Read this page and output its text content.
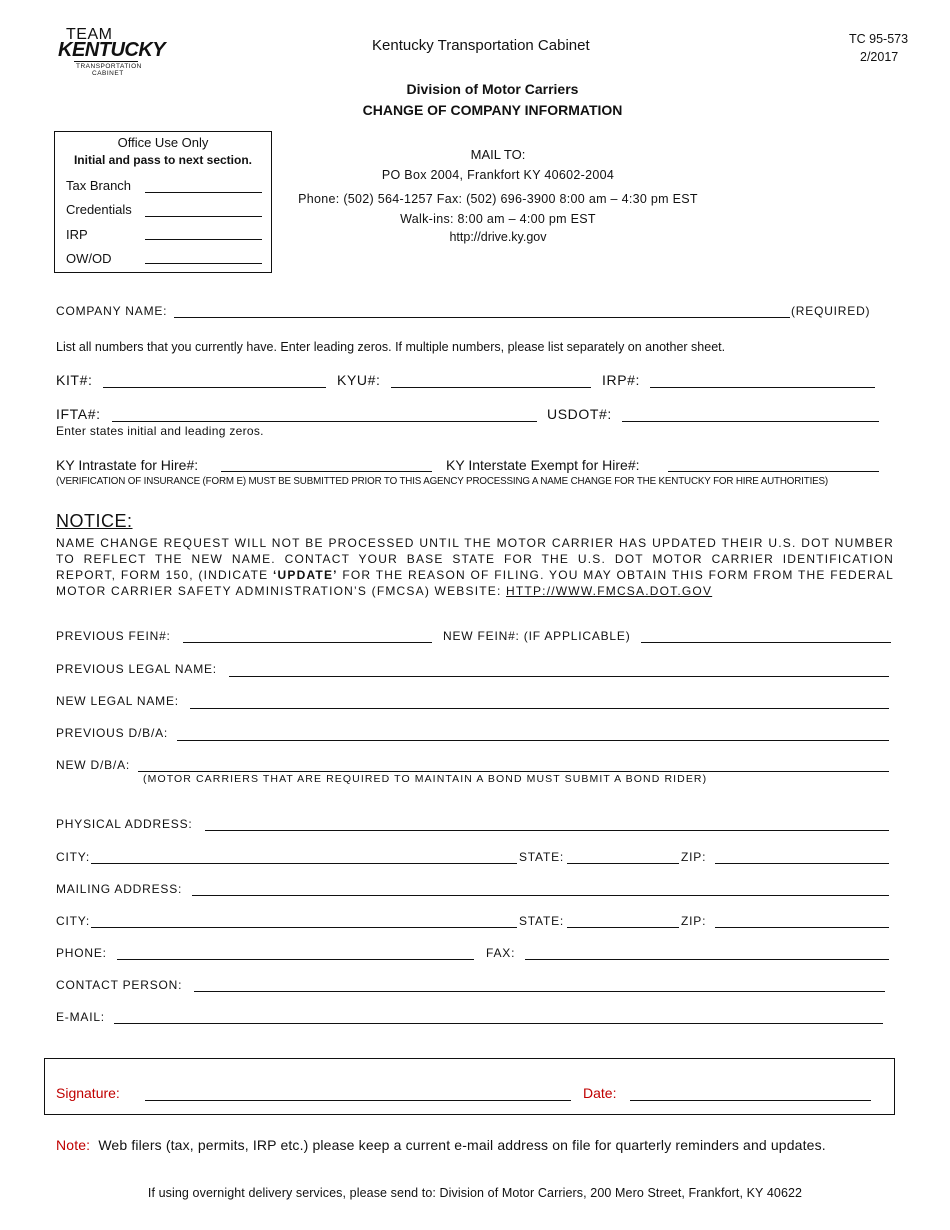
TEAM
KENTUCKY
TRANSPORTATION
CABINET
Kentucky Transportation Cabinet	TC 95-573
2/2017
Division of Motor Carriers
CHANGE OF COMPANY INFORMATION
Office Use Only
Initial and pass to next section.
Tax Branch
Credentials
IRP
OW/OD
MAIL TO:
PO Box 2004, Frankfort KY 40602-2004
Phone: (502) 564-1257 Fax: (502) 696-3900 8:00 am – 4:30 pm EST
Walk-ins: 8:00 am – 4:00 pm EST
http://drive.ky.gov
COMPANY NAME:	(REQUIRED)
List all numbers that you currently have. Enter leading zeros. If multiple numbers, please list separately on another sheet.
KIT#:	KYU#:	IRP#:
IFTA#:	USDOT#:
Enter states initial and leading zeros.
KY Intrastate for Hire#:	KY Interstate Exempt for Hire#:
(VERIFICATION OF INSURANCE (FORM E) MUST BE SUBMITTED PRIOR TO THIS AGENCY PROCESSING A NAME CHANGE FOR THE KENTUCKY FOR HIRE AUTHORITIES)
NOTICE:
NAME CHANGE REQUEST WILL NOT BE PROCESSED UNTIL THE MOTOR CARRIER HAS UPDATED THEIR U.S. DOT NUMBER TO REFLECT THE NEW NAME. CONTACT YOUR BASE STATE FOR THE U.S. DOT MOTOR CARRIER IDENTIFICATION REPORT, FORM 150, (INDICATE ‘UPDATE’ FOR THE REASON OF FILING. YOU MAY OBTAIN THIS FORM FROM THE FEDERAL MOTOR CARRIER SAFETY ADMINISTRATION’S (FMCSA) WEBSITE: HTTP://WWW.FMCSA.DOT.GOV
PREVIOUS FEIN#:	NEW FEIN#: (IF APPLICABLE)
PREVIOUS LEGAL NAME:
NEW LEGAL NAME:
PREVIOUS D/B/A:
NEW D/B/A:
(MOTOR CARRIERS THAT ARE REQUIRED TO MAINTAIN A BOND MUST SUBMIT A BOND RIDER)
PHYSICAL ADDRESS:
CITY:	STATE:	ZIP:
MAILING ADDRESS:
CITY:	STATE:	ZIP:
PHONE:	FAX:
CONTACT PERSON:
E-MAIL:
Signature:	Date:
Note: Web filers (tax, permits, IRP etc.) please keep a current e-mail address on file for quarterly reminders and updates.
If using overnight delivery services, please send to: Division of Motor Carriers, 200 Mero Street, Frankfort, KY 40622
